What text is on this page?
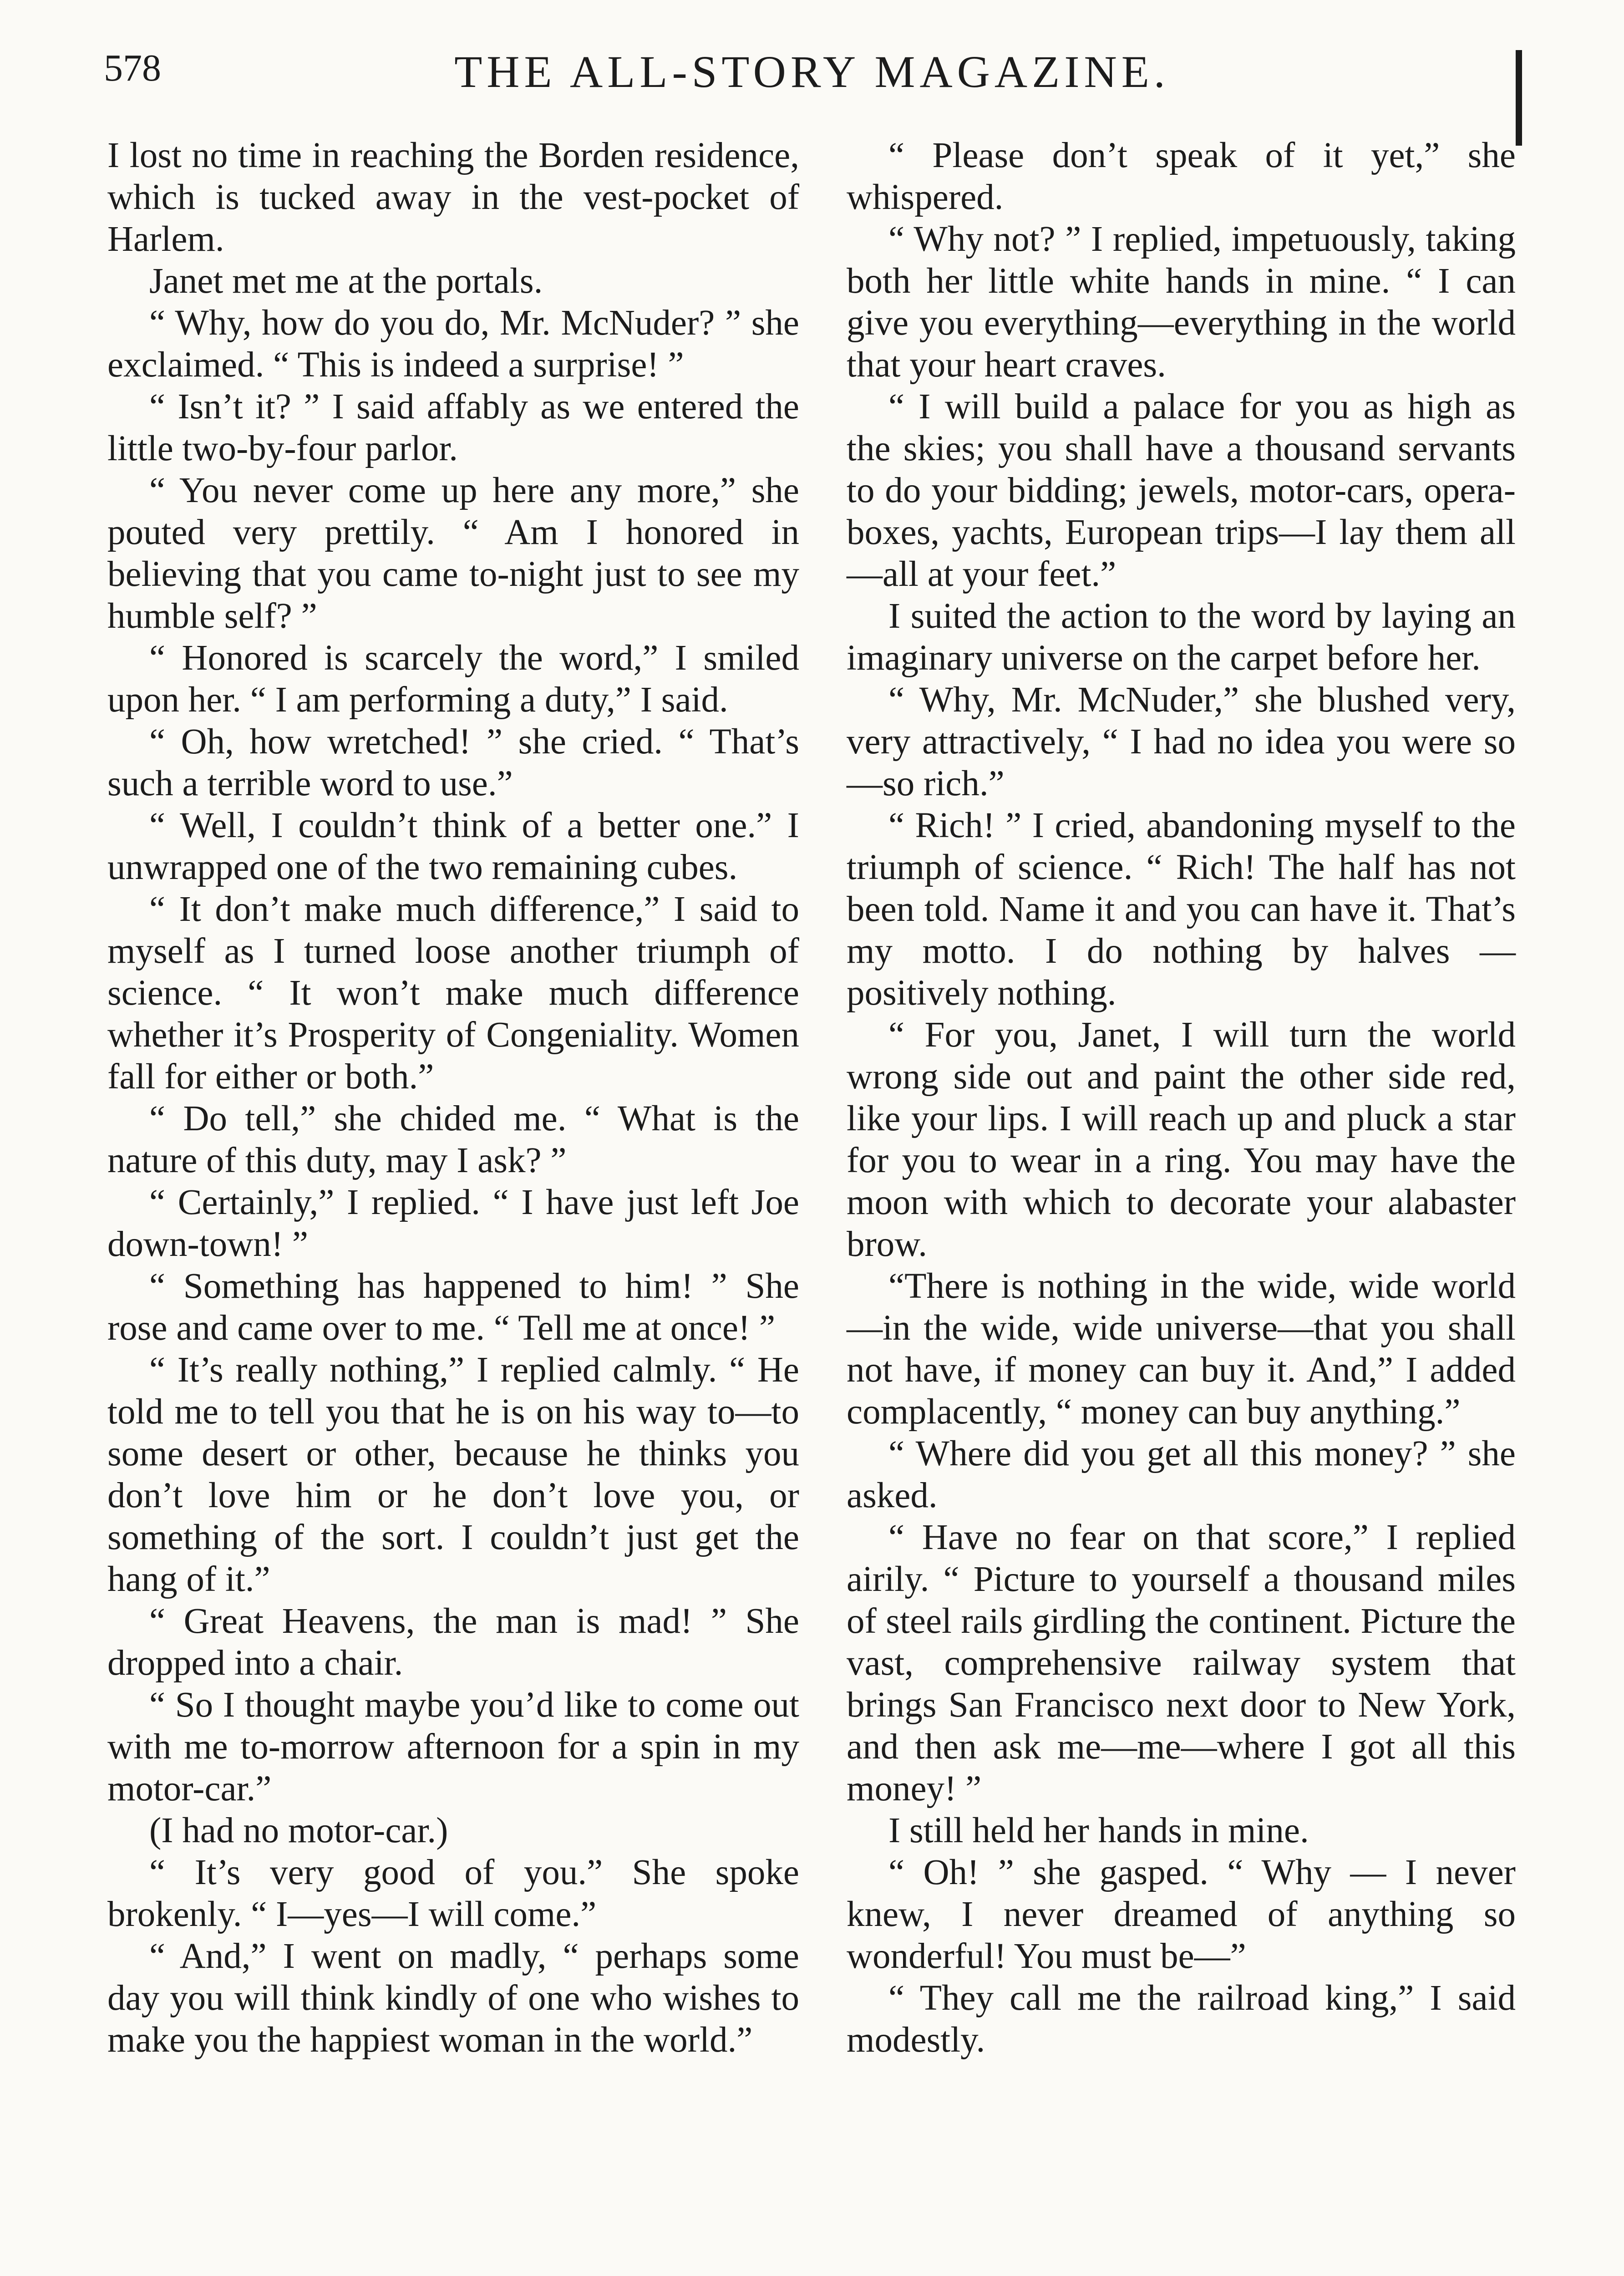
578	THE ALL-STORY MAGAZINE.

I lost no time in reaching the Borden residence, which is tucked away in the vest-pocket of Harlem.

Janet met me at the portals.

“ Why, how do you do, Mr. McNuder? ” she exclaimed. “ This is indeed a surprise! ”

“ Isn’t it? ” I said affably as we entered the little two-by-four parlor.

“ You never come up here any more,” she pouted very prettily. “ Am I honored in believing that you came to-night just to see my humble self? ”

“ Honored is scarcely the word,” I smiled upon her. “ I am performing a duty,” I said.

“ Oh, how wretched! ” she cried. “ That’s such a terrible word to use.”

“ Well, I couldn’t think of a better one.” I unwrapped one of the two remaining cubes.

“ It don’t make much difference,” I said to myself as I turned loose another triumph of science. “ It won’t make much difference whether it’s Prosperity of Congeniality. Women fall for either or both.”

“ Do tell,” she chided me. “ What is the nature of this duty, may I ask? ”

“ Certainly,” I replied. “ I have just left Joe down-town! ”

“ Something has happened to him! ” She rose and came over to me. “ Tell me at once! ”

“ It’s really nothing,” I replied calmly. “ He told me to tell you that he is on his way to—to some desert or other, because he thinks you don’t love him or he don’t love you, or something of the sort. I couldn’t just get the hang of it.”

“ Great Heavens, the man is mad! ” She dropped into a chair.

“ So I thought maybe you’d like to come out with me to-morrow afternoon for a spin in my motor-car.”

(I had no motor-car.)

“ It’s very good of you.” She spoke brokenly. “ I—yes—I will come.”

“ And,” I went on madly, “ perhaps some day you will think kindly of one who wishes to make you the happiest woman in the world.”

“ Please don’t speak of it yet,” she whispered.

“ Why not? ” I replied, impetuously, taking both her little white hands in mine. “ I can give you everything—everything in the world that your heart craves.

“ I will build a palace for you as high as the skies; you shall have a thousand servants to do your bidding; jewels, motor-cars, opera-boxes, yachts, European trips—I lay them all—all at your feet.”

I suited the action to the word by laying an imaginary universe on the carpet before her.

“ Why, Mr. McNuder,” she blushed very, very attractively, “ I had no idea you were so—so rich.”

“ Rich! ” I cried, abandoning myself to the triumph of science. “ Rich! The half has not been told. Name it and you can have it. That’s my motto. I do nothing by halves — positively nothing.

“ For you, Janet, I will turn the world wrong side out and paint the other side red, like your lips. I will reach up and pluck a star for you to wear in a ring. You may have the moon with which to decorate your alabaster brow.

“There is nothing in the wide, wide world—in the wide, wide universe—that you shall not have, if money can buy it. And,” I added complacently, “ money can buy anything.”

“ Where did you get all this money? ” she asked.

“ Have no fear on that score,” I replied airily. “ Picture to yourself a thousand miles of steel rails girdling the continent. Picture the vast, comprehensive railway system that brings San Francisco next door to New York, and then ask me—me—where I got all this money! ”

I still held her hands in mine.

“ Oh! ” she gasped. “ Why — I never knew, I never dreamed of anything so wonderful! You must be—”

“ They call me the railroad king,” I said modestly.
